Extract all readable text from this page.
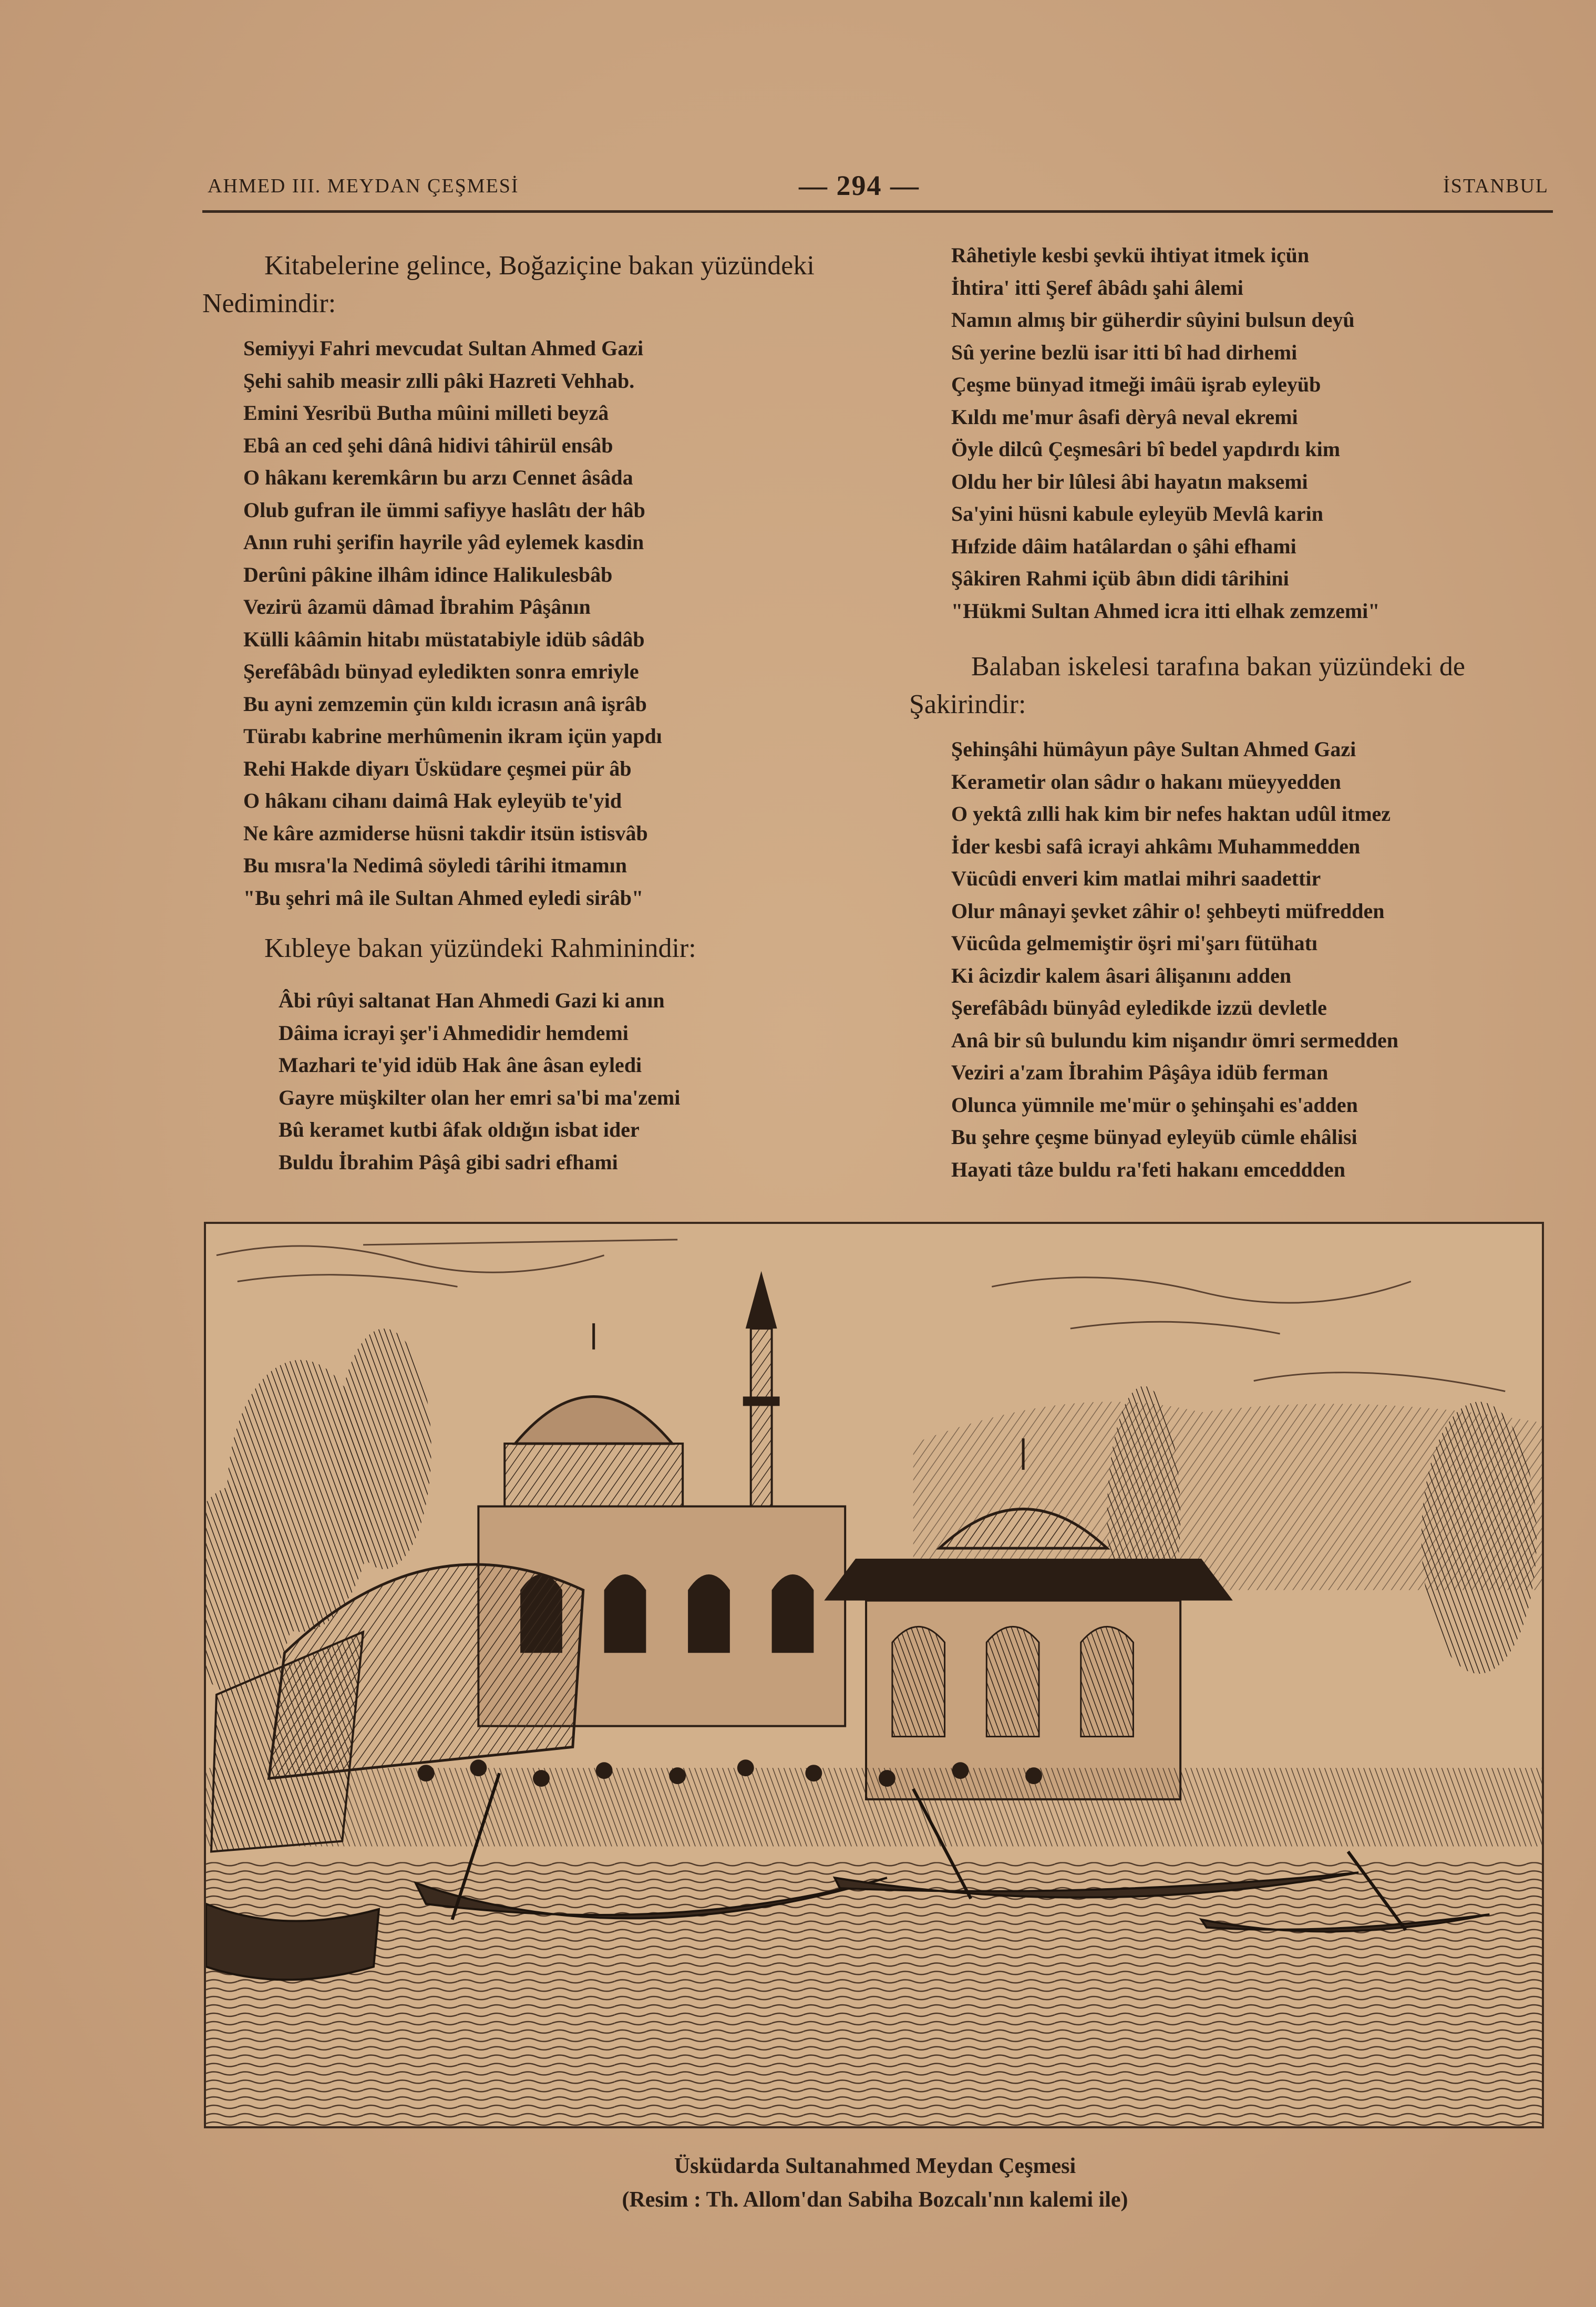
AHMED III. MEYDAN ÇEŞMESİ	— 294 —	İSTANBUL

Kitabelerine gelince, Boğaziçine bakan yüzündeki Nedimindir:

Semiyyi Fahri mevcudat Sultan Ahmed Gazi
Şehi sahib measir zılli pâki Hazreti Vehhab.
Emini Yesribü Butha mûini milleti beyzâ
Ebâ an ced şehi dânâ hidivi tâhirül ensâb
O hâkanı keremkârın bu arzı Cennet âsâda
Olub gufran ile ümmi safiyye haslâtı der hâb
Anın ruhi şerifin hayrile yâd eylemek kasdin
Derûni pâkine ilhâm idince Halikulesbâb
Vezirü âzamü dâmad İbrahim Pâşânın
Külli kââmin hitabı müstatabiyle idüb sâdâb
Şerefâbâdı bünyad eyledikten sonra emriyle
Bu ayni zemzemin çün kıldı icrasın anâ işrâb
Türabı kabrine merhûmenin ikram içün yapdı
Rehi Hakde diyarı Üsküdare çeşmei pür âb
O hâkanı cihanı daimâ Hak eyleyüb te'yid
Ne kâre azmiderse hüsni takdir itsün istisvâb
Bu mısra'la Nedimâ söyledi târihi itmamın
"Bu şehri mâ ile Sultan Ahmed eyledi sirâb"

Kıbleye bakan yüzündeki Rahminindir:

Âbi rûyi saltanat Han Ahmedi Gazi ki anın
Dâima icrayi şer'i Ahmedidir hemdemi
Mazhari te'yid idüb Hak âne âsan eyledi
Gayre müşkilter olan her emri sa'bi ma'zemi
Bû keramet kutbi âfak oldığın isbat ider
Buldu İbrahim Pâşâ gibi sadri efhami
Râhetiyle kesbi şevkü ihtiyat itmek içün
İhtira' itti Şeref âbâdı şahi âlemi
Namın almış bir güherdir sûyini bulsun deyû
Sû yerine bezlü isar itti bî had dirhemi
Çeşme bünyad itmeği imâü işrab eyleyüb
Kıldı me'mur âsafi dèryâ neval ekremi
Öyle dilcû Çeşmesâri bî bedel yapdırdı kim
Oldu her bir lûlesi âbi hayatın maksemi
Sa'yini hüsni kabule eyleyüb Mevlâ karin
Hıfzide dâim hatâlardan o şâhi efhami
Şâkiren Rahmi içüb âbın didi târihini
"Hükmi Sultan Ahmed icra itti elhak zemzemi"

Balaban iskelesi tarafına bakan yüzündeki de Şakirindir:

Şehinşâhi hümâyun pâye Sultan Ahmed Gazi
Kerametir olan sâdır o hakanı müeyyedden
O yektâ zılli hak kim bir nefes haktan udûl itmez
İder kesbi safâ icrayi ahkâmı Muhammedden
Vücûdi enveri kim matlai mihri saadettir
Olur mânayi şevket zâhir o! şehbeyti müfredden
Vücûda gelmemiştir öşri mi'şarı fütühatı
Ki âcizdir kalem âsari âlişanını adden
Şerefâbâdı bünyâd eyledikde izzü devletle
Anâ bir sû bulundu kim nişandır ömri sermedden
Veziri a'zam İbrahim Pâşâya idüb ferman
Olunca yümnile me'mür o şehinşahi es'adden
Bu şehre çeşme bünyad eyleyüb cümle ehâlisi
Hayati tâze buldu ra'feti hakanı emceddden
Üsküdarda Sultanahmed Meydan Çeşmesi
(Resim : Th. Allom'dan Sabiha Bozcalı'nın kalemi ile)
